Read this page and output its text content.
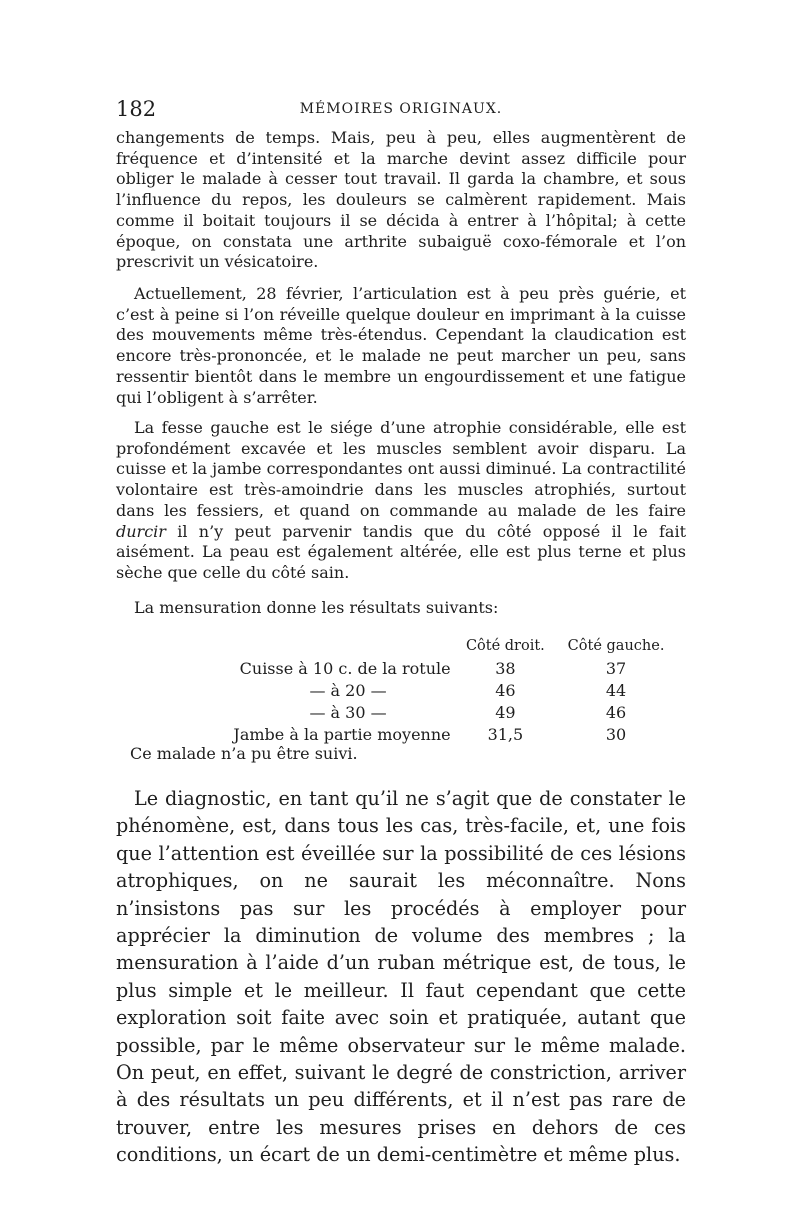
182	MÉMOIRES ORIGINAUX.

changements de temps. Mais, peu à peu, elles augmentèrent de fréquence et d’intensité et la marche devint assez difficile pour obliger le malade à cesser tout travail. Il garda la chambre, et sous l’influence du repos, les douleurs se calmèrent rapidement. Mais comme il boitait toujours il se décida à entrer à l’hôpital; à cette époque, on constata une arthrite subaiguë coxo-fémorale et l’on prescrivit un vésicatoire.

Actuellement, 28 février, l’articulation est à peu près guérie, et c’est à peine si l’on réveille quelque douleur en imprimant à la cuisse des mouvements même très-étendus. Cependant la claudication est encore très-prononcée, et le malade ne peut marcher un peu, sans ressentir bientôt dans le membre un engourdissement et une fatigue qui l’obligent à s’arrêter.

La fesse gauche est le siége d’une atrophie considérable, elle est profondément excavée et les muscles semblent avoir disparu. La cuisse et la jambe correspondantes ont aussi diminué. La contractilité volontaire est très-amoindrie dans les muscles atrophiés, surtout dans les fessiers, et quand on commande au malade de les faire durcir il n’y peut parvenir tandis que du côté opposé il le fait aisément. La peau est également altérée, elle est plus terne et plus sèche que celle du côté sain.

La mensuration donne les résultats suivants:

	Côté droit.	Côté gauche.
Cuisse à 10 c. de la rotule	38	37
— à 20 —	46	44
— à 30 —	49	46
Jambe à la partie moyenne	31,5	30
Ce malade n’a pu être suivi.

Le diagnostic, en tant qu’il ne s’agit que de constater le phénomène, est, dans tous les cas, très-facile, et, une fois que l’attention est éveillée sur la possibilité de ces lésions atrophiques, on ne saurait les méconnaître. Nons n’insistons pas sur les procédés à employer pour apprécier la diminution de volume des membres ; la mensuration à l’aide d’un ruban métrique est, de tous, le plus simple et le meilleur. Il faut cependant que cette exploration soit faite avec soin et pratiquée, autant que possible, par le même observateur sur le même malade. On peut, en effet, suivant le degré de constriction, arriver à des résultats un peu différents, et il n’est pas rare de trouver, entre les mesures prises en dehors de ces conditions, un écart de un demi-centimètre et même plus.
